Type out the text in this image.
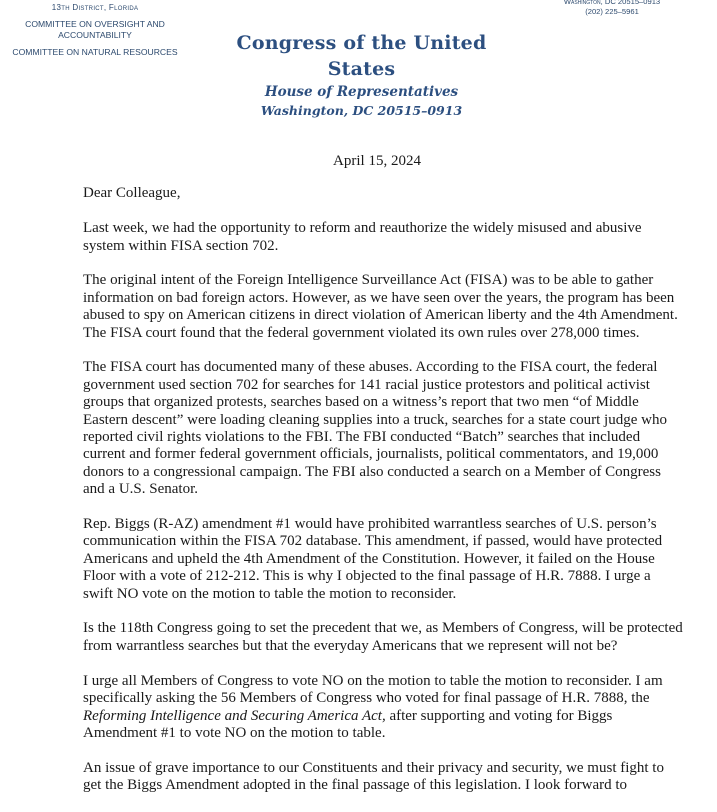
13th District, Florida
COMMITTEE ON OVERSIGHT AND ACCOUNTABILITY
COMMITTEE ON NATURAL RESOURCES
Washington, DC 20515–0913
(202) 225–5961
Congress of the United States
House of Representatives
Washington, DC 20515–0913
April 15, 2024

Dear Colleague,

Last week, we had the opportunity to reform and reauthorize the widely misused and abusive system within FISA section 702.

The original intent of the Foreign Intelligence Surveillance Act (FISA) was to be able to gather information on bad foreign actors. However, as we have seen over the years, the program has been abused to spy on American citizens in direct violation of American liberty and the 4th Amendment. The FISA court found that the federal government violated its own rules over 278,000 times.

The FISA court has documented many of these abuses. According to the FISA court, the federal government used section 702 for searches for 141 racial justice protestors and political activist groups that organized protests, searches based on a witness’s report that two men “of Middle Eastern descent” were loading cleaning supplies into a truck, searches for a state court judge who reported civil rights violations to the FBI. The FBI conducted “Batch” searches that included current and former federal government officials, journalists, political commentators, and 19,000 donors to a congressional campaign. The FBI also conducted a search on a Member of Congress and a U.S. Senator.

Rep. Biggs (R-AZ) amendment #1 would have prohibited warrantless searches of U.S. person’s communication within the FISA 702 database. This amendment, if passed, would have protected Americans and upheld the 4th Amendment of the Constitution. However, it failed on the House Floor with a vote of 212-212. This is why I objected to the final passage of H.R. 7888. I urge a swift NO vote on the motion to table the motion to reconsider.

Is the 118th Congress going to set the precedent that we, as Members of Congress, will be protected from warrantless searches but that the everyday Americans that we represent will not be?

I urge all Members of Congress to vote NO on the motion to table the motion to reconsider. I am specifically asking the 56 Members of Congress who voted for final passage of H.R. 7888, the Reforming Intelligence and Securing America Act, after supporting and voting for Biggs Amendment #1 to vote NO on the motion to table.

An issue of grave importance to our Constituents and their privacy and security, we must fight to get the Biggs Amendment adopted in the final passage of this legislation. I look forward to
